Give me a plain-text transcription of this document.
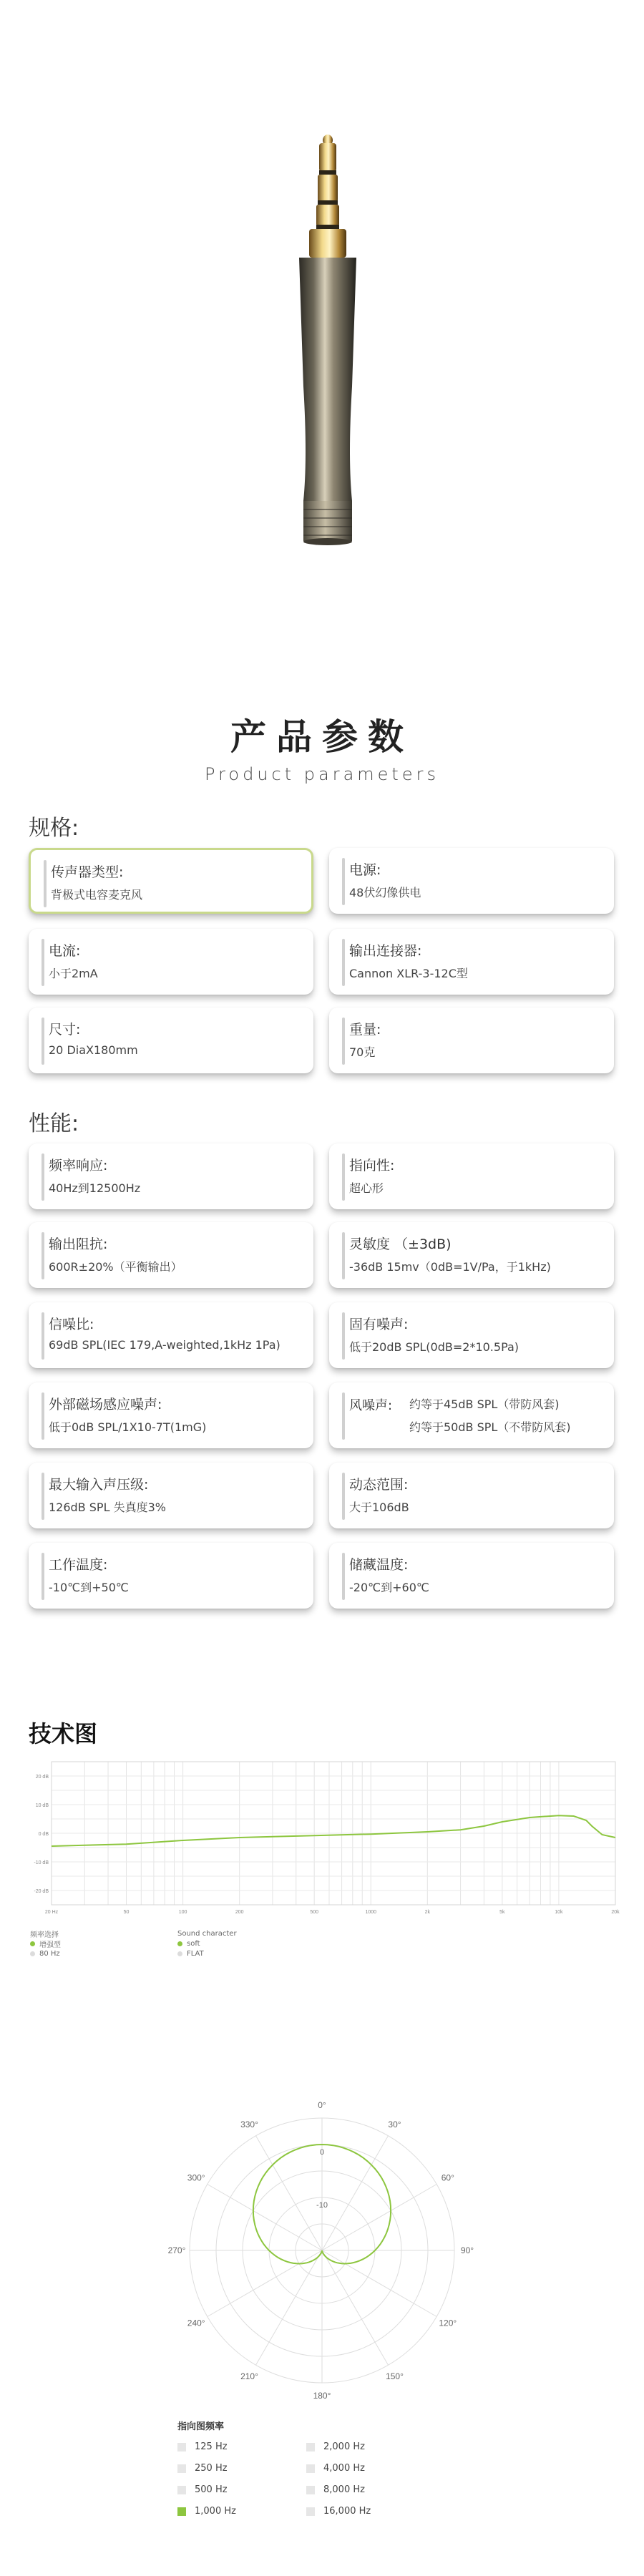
产品参数
Product parameters
规格:
传声器类型:
背极式电容麦克风
电源:
48伏幻像供电
电流:
小于2mA
输出连接器:
Cannon XLR-3-12C型
尺寸:
20 DiaX180mm
重量:
70克
性能:
频率响应:
40Hz到12500Hz
指向性:
超心形
输出阻抗:
600R±20%（平衡输出）
灵敏度 （±3dB)
-36dB 15mv（0dB=1V/Pa，于1kHz)
信噪比:
69dB SPL(IEC 179,A-weighted,1kHz 1Pa)
固有噪声:
低于20dB SPL(0dB=2*10.5Pa)
外部磁场感应噪声:
低于0dB SPL/1X10-7T(1mG)
风噪声: 约等于45dB SPL（带防风套)
约等于50dB SPL（不带防风套)
最大输入声压级:
126dB SPL 失真度3%
动态范围:
大于106dB
工作温度:
-10℃到+50℃
储藏温度:
-20℃到+60℃
技术图
20 dB
10 dB
0 dB
-10 dB
-20 dB
20 Hz	50	100	200	500	1000	2k	5k	10k	20k
频率选择
增强型
80 Hz
Sound character
soft
FLAT
0°
30°
60°
90°
120°
150°
180°
210°
240°
270°
300°
330°
0
-10
指向图频率
125 Hz	2,000 Hz
250 Hz	4,000 Hz
500 Hz	8,000 Hz
1,000 Hz	16,000 Hz
